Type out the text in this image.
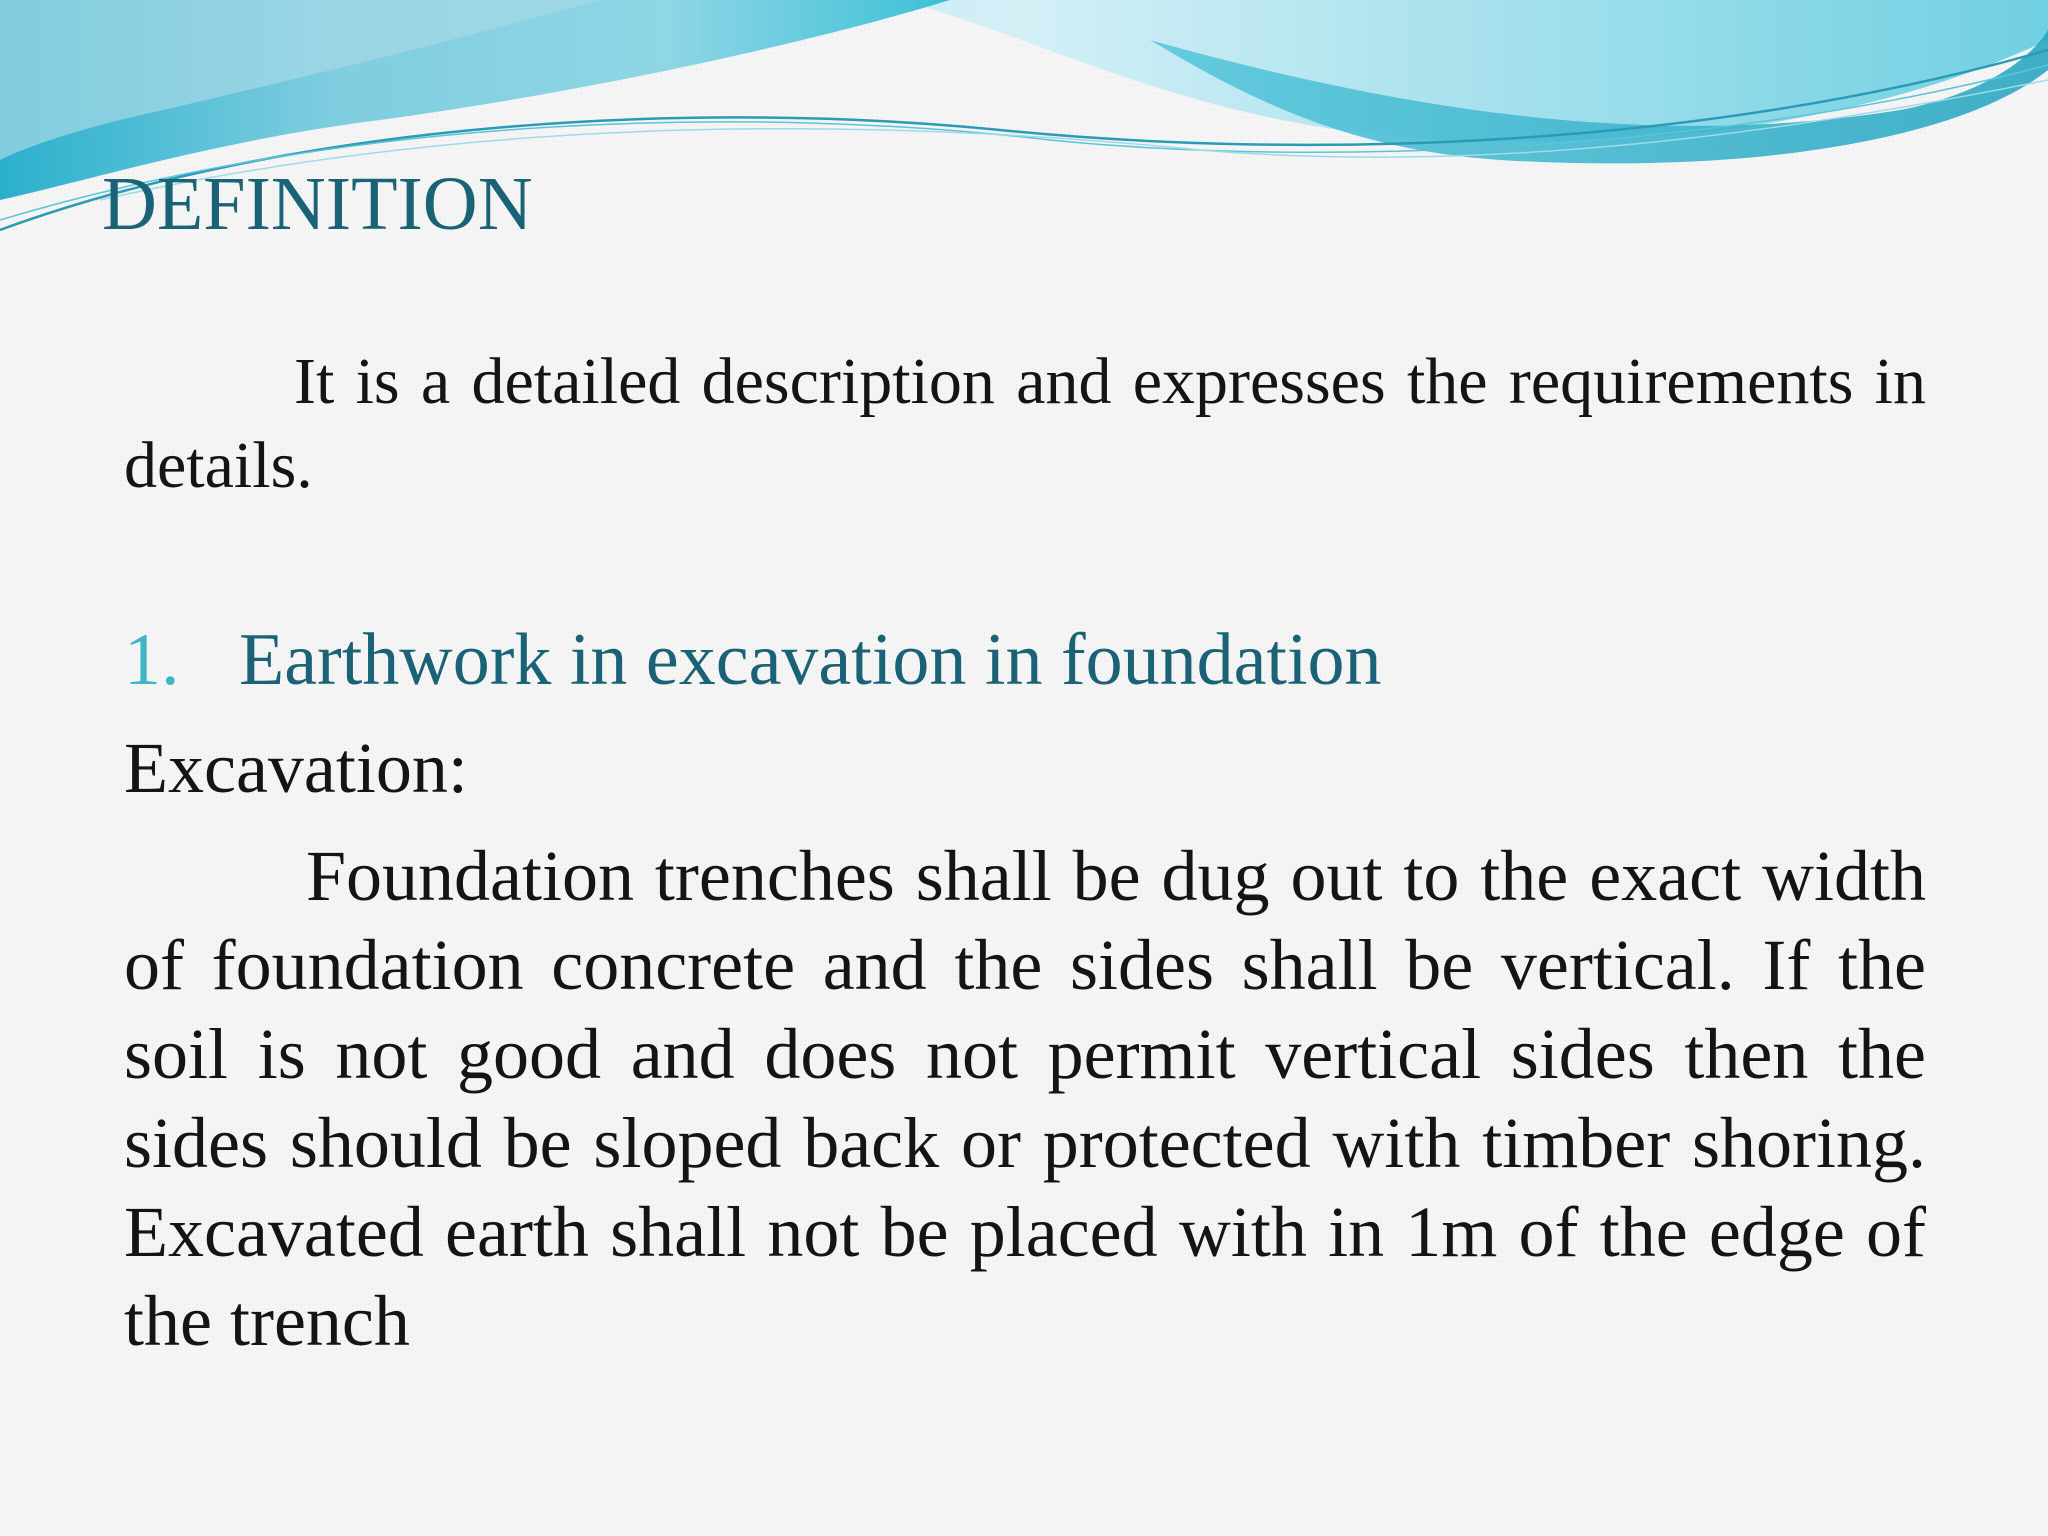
DEFINITION

It is a detailed description and expresses the requirements in details.

1. Earthwork in excavation in foundation

Excavation:

Foundation trenches shall be dug out to the exact width of foundation concrete and the sides shall be vertical. If the soil is not good and does not permit vertical sides then the sides should be sloped back or protected with timber shoring. Excavated earth shall not be placed with in 1m of the edge of the trench
